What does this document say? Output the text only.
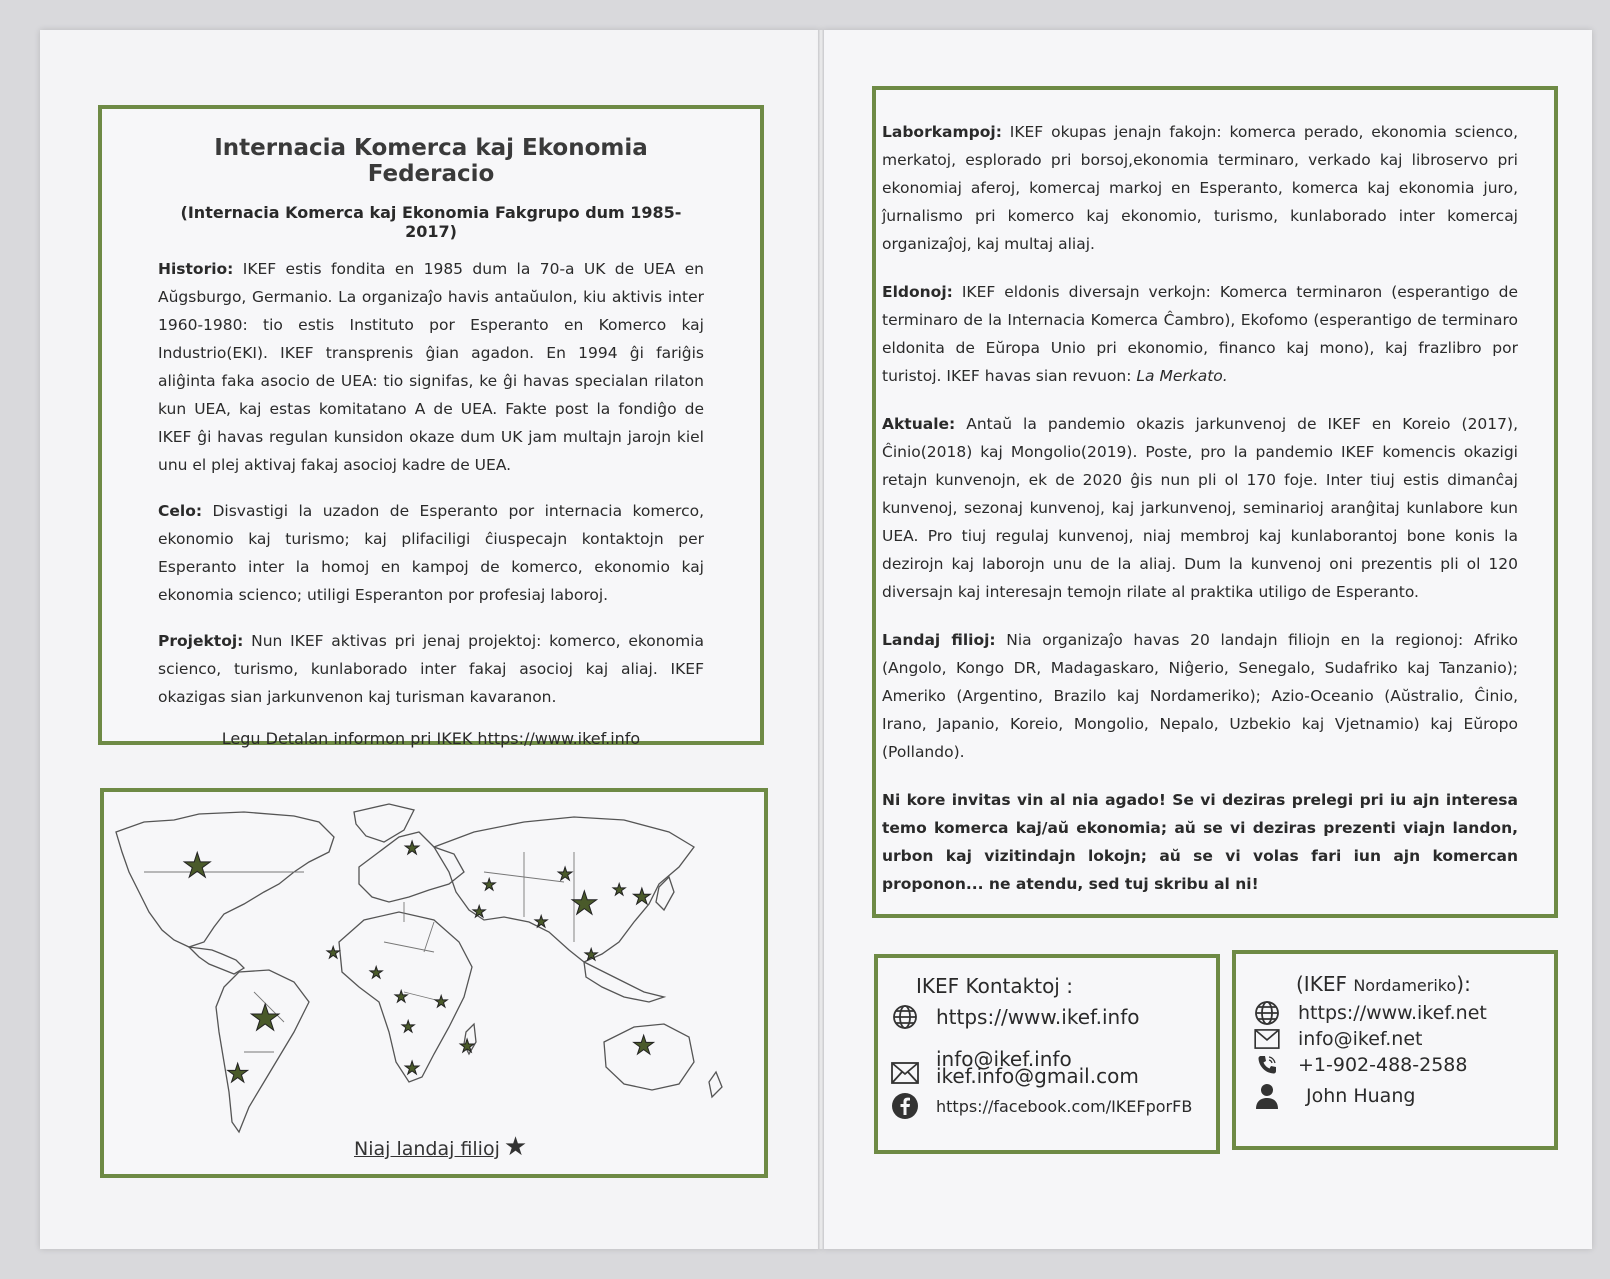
Internacia Komerca kaj Ekonomia Federacio
(Internacia Komerca kaj Ekonomia Fakgrupo dum 1985-2017)

Historio: IKEF estis fondita en 1985 dum la 70-a UK de UEA en Aŭgsburgo, Germanio. La organizaĵo havis antaŭulon, kiu aktivis inter 1960-1980: tio estis Instituto por Esperanto en Komerco kaj Industrio(EKI). IKEF transprenis ĝian agadon. En 1994 ĝi fariĝis aliĝinta faka asocio de UEA: tio signifas, ke ĝi havas specialan rilaton kun UEA, kaj estas komitatano A de UEA. Fakte post la fondiĝo de IKEF ĝi havas regulan kunsidon okaze dum UK jam multajn jarojn kiel unu el plej aktivaj fakaj asocioj kadre de UEA.

Celo: Disvastigi la uzadon de Esperanto por internacia komerco, ekonomio kaj turismo; kaj plifaciligi ĉiuspecajn kontaktojn per Esperanto inter la homoj en kampoj de komerco, ekonomio kaj ekonomia scienco; utiligi Esperanton por profesiaj laboroj.

Projektoj: Nun IKEF aktivas pri jenaj projektoj: komerco, ekonomia scienco, turismo, kunlaborado inter fakaj asocioj kaj aliaj. IKEF okazigas sian jarkunvenon kaj turisman kavaranon.

Legu Detalan informon pri IKEK https://www.ikef.info
★
★
★
★
★
★
★ ★
★
★
★
★
★
★
★
★ ★ ★
★
★
Niaj landaj filioj ★

Laborkampoj: IKEF okupas jenajn fakojn: komerca perado, ekonomia scienco, merkatoj, esplorado pri borsoj,ekonomia terminaro, verkado kaj libroservo pri ekonomiaj aferoj, komercaj markoj en Esperanto, komerca kaj ekonomia juro, ĵurnalismo pri komerco kaj ekonomio, turismo, kunlaborado inter komercaj organizaĵoj, kaj multaj aliaj.

Eldonoj: IKEF eldonis diversajn verkojn: Komerca terminaron (esperantigo de terminaro de la Internacia Komerca Ĉambro), Ekofomo (esperantigo de terminaro eldonita de Eŭropa Unio pri ekonomio, financo kaj mono), kaj frazlibro por turistoj. IKEF havas sian revuon: La Merkato.

Aktuale: Antaŭ la pandemio okazis jarkunvenoj de IKEF en Koreio (2017), Ĉinio(2018) kaj Mongolio(2019). Poste, pro la pandemio IKEF komencis okazigi retajn kunvenojn, ek de 2020 ĝis nun pli ol 170 foje. Inter tiuj estis dimanĉaj kunvenoj, sezonaj kunvenoj, kaj jarkunvenoj, seminarioj aranĝitaj kunlabore kun UEA. Pro tiuj regulaj kunvenoj, niaj membroj kaj kunlaborantoj bone konis la dezirojn kaj laborojn unu de la aliaj. Dum la kunvenoj oni prezentis pli ol 120 diversajn kaj interesajn temojn rilate al praktika utiligo de Esperanto.

Landaj filioj: Nia organizaĵo havas 20 landajn filiojn en la regionoj: Afriko (Angolo, Kongo DR, Madagaskaro, Niĝerio, Senegalo, Sudafriko kaj Tanzanio); Ameriko (Argentino, Brazilo kaj Nordameriko); Azio-Oceanio (Aŭstralio, Ĉinio, Irano, Japanio, Koreio, Mongolio, Nepalo, Uzbekio kaj Vjetnamio) kaj Eŭropo (Pollando).

Ni kore invitas vin al nia agado! Se vi deziras prelegi pri iu ajn interesa temo komerca kaj/aŭ ekonomia; aŭ se vi deziras prezenti viajn landon, urbon kaj vizitindajn lokojn; aŭ se vi volas fari iun ajn komercan proponon... ne atendu, sed tuj skribu al ni!

IKEF Kontaktoj :
https://www.ikef.info
info@ikef.info
ikef.info@gmail.com
https://facebook.com/IKEFporFB
(IKEF Nordameriko):
https://www.ikef.net
info@ikef.net
+1-902-488-2588
John Huang
